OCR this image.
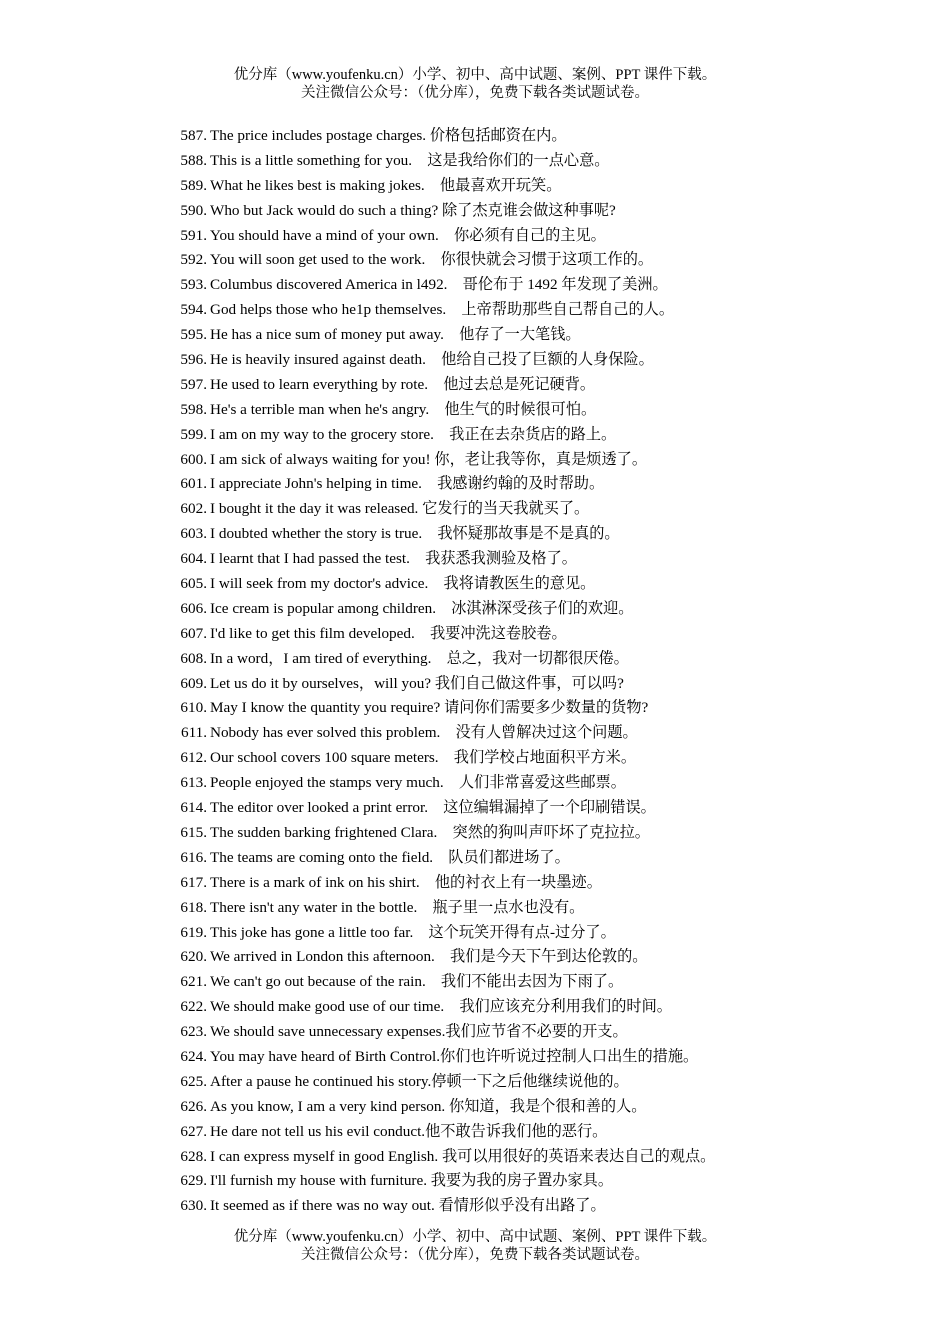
优分库（www.youfenku.cn）小学、初中、高中试题、案例、PPT 课件下载。
关注微信公众号：（优分库），免费下载各类试题试卷。
587. The price includes postage charges. 价格包括邮资在内。
588. This is a little something for you.　这是我给你们的一点心意。
589. What he likes best is making jokes.　他最喜欢开玩笑。
590. Who but Jack would do such a thing? 除了杰克谁会做这种事呢?
591. You should have a mind of your own.　你必须有自己的主见。
592. You will soon get used to the work.　你很快就会习惯于这项工作的。
593. Columbus discovered America in l492.　哥伦布于 1492 年发现了美洲。
594. God helps those who he1p themselves.　上帝帮助那些自己帮自己的人。
595. He has a nice sum of money put away.　他存了一大笔钱。
596. He is heavily insured against death.　他给自己投了巨额的人身保险。
597. He used to learn everything by rote.　他过去总是死记硬背。
598. He's a terrible man when he's angry.　他生气的时候很可怕。
599. I am on my way to the grocery store.　我正在去杂货店的路上。
600. I am sick of always waiting for you! 你，老让我等你，真是烦透了。
601. I appreciate John's helping in time.　我感谢约翰的及时帮助。
602. I bought it the day it was released. 它发行的当天我就买了。
603. I doubted whether the story is true.　我怀疑那故事是不是真的。
604. I learnt that I had passed the test.　我获悉我测验及格了。
605. I will seek from my doctor's advice.　我将请教医生的意见。
606. Ice cream is popular among children.　冰淇淋深受孩子们的欢迎。
607. I'd like to get this film developed.　我要冲洗这卷胶卷。
608. In a word，I am tired of everything.　总之，我对一切都很厌倦。
609. Let us do it by ourselves，will you? 我们自己做这件事，可以吗?
610. May I know the quantity you require? 请问你们需要多少数量的货物?
611. Nobody has ever solved this problem.　没有人曾解决过这个问题。
612. Our school covers 100 square meters.　我们学校占地面积平方米。
613. People enjoyed the stamps very much.　人们非常喜爱这些邮票。
614. The editor over looked a print error.　这位编辑漏掉了一个印刷错误。
615. The sudden barking frightened Clara.　突然的狗叫声吓坏了克拉拉。
616. The teams are coming onto the field.　队员们都进场了。
617. There is a mark of ink on his shirt.　他的衬衣上有一块墨迹。
618. There isn't any water in the bottle.　瓶子里一点水也没有。
619. This joke has gone a little too far.　这个玩笑开得有点-过分了。
620. We arrived in London this afternoon.　我们是今天下午到达伦敦的。
621. We can't go out because of the rain.　我们不能出去因为下雨了。
622. We should make good use of our time.　我们应该充分利用我们的时间。
623. We should save unnecessary expenses.我们应节省不必要的开支。
624. You may have heard of Birth Control.你们也许听说过控制人口出生的措施。
625. After a pause he continued his story.停顿一下之后他继续说他的。
626. As you know, I am a very kind person. 你知道，我是个很和善的人。
627. He dare not tell us his evil conduct.他不敢告诉我们他的恶行。
628. I can express myself in good English. 我可以用很好的英语来表达自己的观点。
629. I'll furnish my house with furniture. 我要为我的房子置办家具。
630. It seemed as if there was no way out. 看情形似乎没有出路了。
优分库（www.youfenku.cn）小学、初中、高中试题、案例、PPT 课件下载。
关注微信公众号：（优分库），免费下载各类试题试卷。
